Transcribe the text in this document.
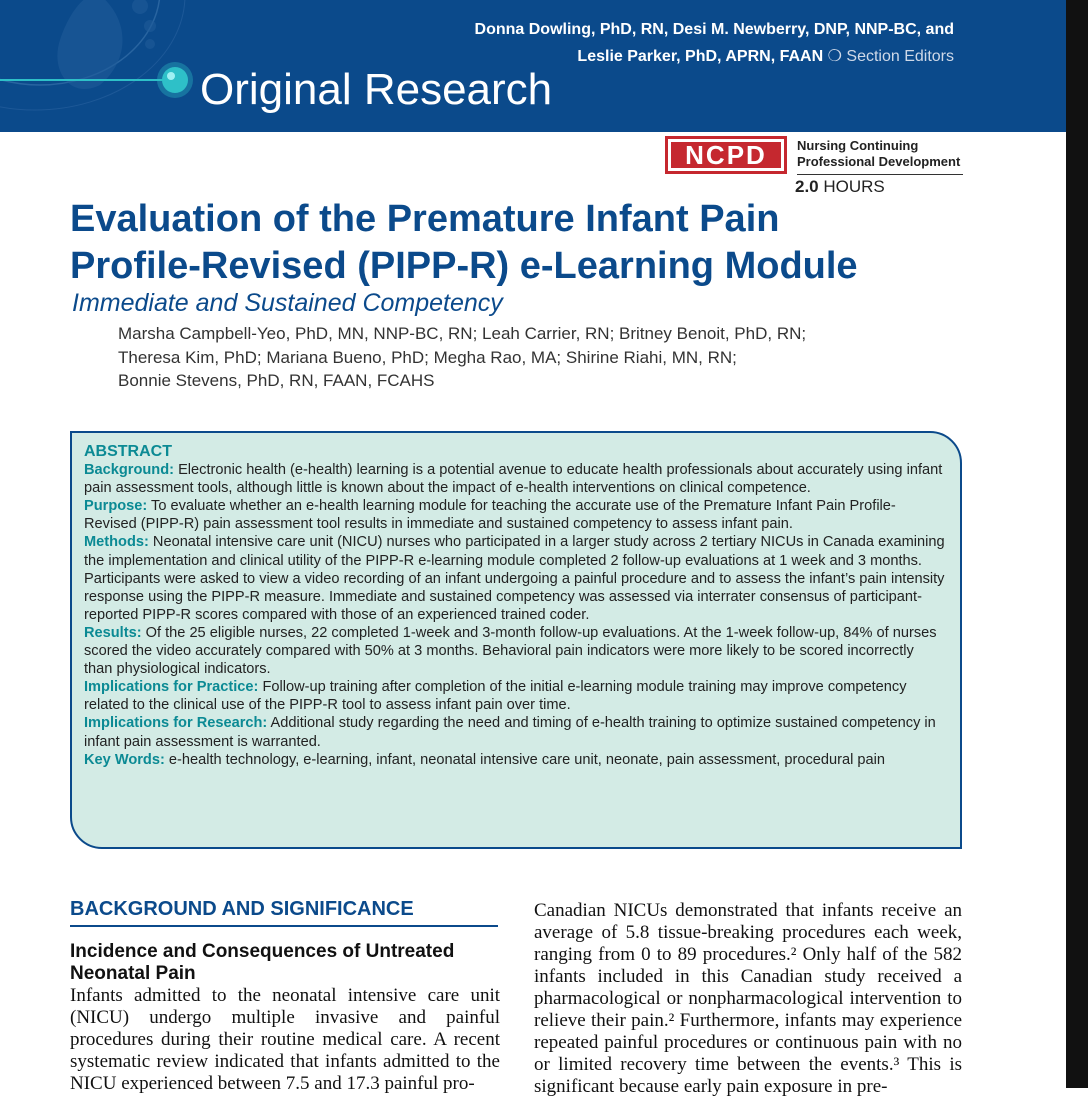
Donna Dowling, PhD, RN, Desi M. Newberry, DNP, NNP-BC, and
Leslie Parker, PhD, APRN, FAAN ❍ Section Editors
Original Research
NCPD	Nursing Continuing
Professional Development
2.0 HOURS
Evaluation of the Premature Infant Pain
Profile-Revised (PIPP-R) e-Learning Module
Immediate and Sustained Competency
Marsha Campbell-Yeo, PhD, MN, NNP-BC, RN; Leah Carrier, RN; Britney Benoit, PhD, RN;
Theresa Kim, PhD; Mariana Bueno, PhD; Megha Rao, MA; Shirine Riahi, MN, RN;
Bonnie Stevens, PhD, RN, FAAN, FCAHS
ABSTRACT

Background: Electronic health (e-health) learning is a potential avenue to educate health professionals about accurately using infant pain assessment tools, although little is known about the impact of e-health interventions on clinical competence.

Purpose: To evaluate whether an e-health learning module for teaching the accurate use of the Premature Infant Pain Profile-Revised (PIPP-R) pain assessment tool results in immediate and sustained competency to assess infant pain.

Methods: Neonatal intensive care unit (NICU) nurses who participated in a larger study across 2 tertiary NICUs in Canada examining the implementation and clinical utility of the PIPP-R e-learning module completed 2 follow-up evaluations at 1 week and 3 months. Participants were asked to view a video recording of an infant undergoing a painful procedure and to assess the infant’s pain intensity response using the PIPP-R measure. Immediate and sustained competency was assessed via interrater consensus of participant-reported PIPP-R scores compared with those of an experienced trained coder.

Results: Of the 25 eligible nurses, 22 completed 1-week and 3-month follow-up evaluations. At the 1-week follow-up, 84% of nurses scored the video accurately compared with 50% at 3 months. Behavioral pain indicators were more likely to be scored incorrectly than physiological indicators.

Implications for Practice: Follow-up training after completion of the initial e-learning module training may improve competency related to the clinical use of the PIPP-R tool to assess infant pain over time.

Implications for Research: Additional study regarding the need and timing of e-health training to optimize sustained competency in infant pain assessment is warranted.

Key Words: e-health technology, e-learning, infant, neonatal intensive care unit, neonate, pain assessment, procedural pain

BACKGROUND AND SIGNIFICANCE
Incidence and Consequences of Untreated Neonatal Pain
Infants admitted to the neonatal intensive care unit (NICU) undergo multiple invasive and painful procedures during their routine medical care. A recent systematic review indicated that infants admitted to the NICU experienced between 7.5 and 17.3 painful pro-
Canadian NICUs demonstrated that infants receive an average of 5.8 tissue-breaking procedures each week, ranging from 0 to 89 procedures.² Only half of the 582 infants included in this Canadian study received a pharmacological or nonpharmacological intervention to relieve their pain.² Furthermore, infants may experience repeated painful procedures or continuous pain with no or limited recovery time between the events.³ This is significant because early pain exposure in pre-
